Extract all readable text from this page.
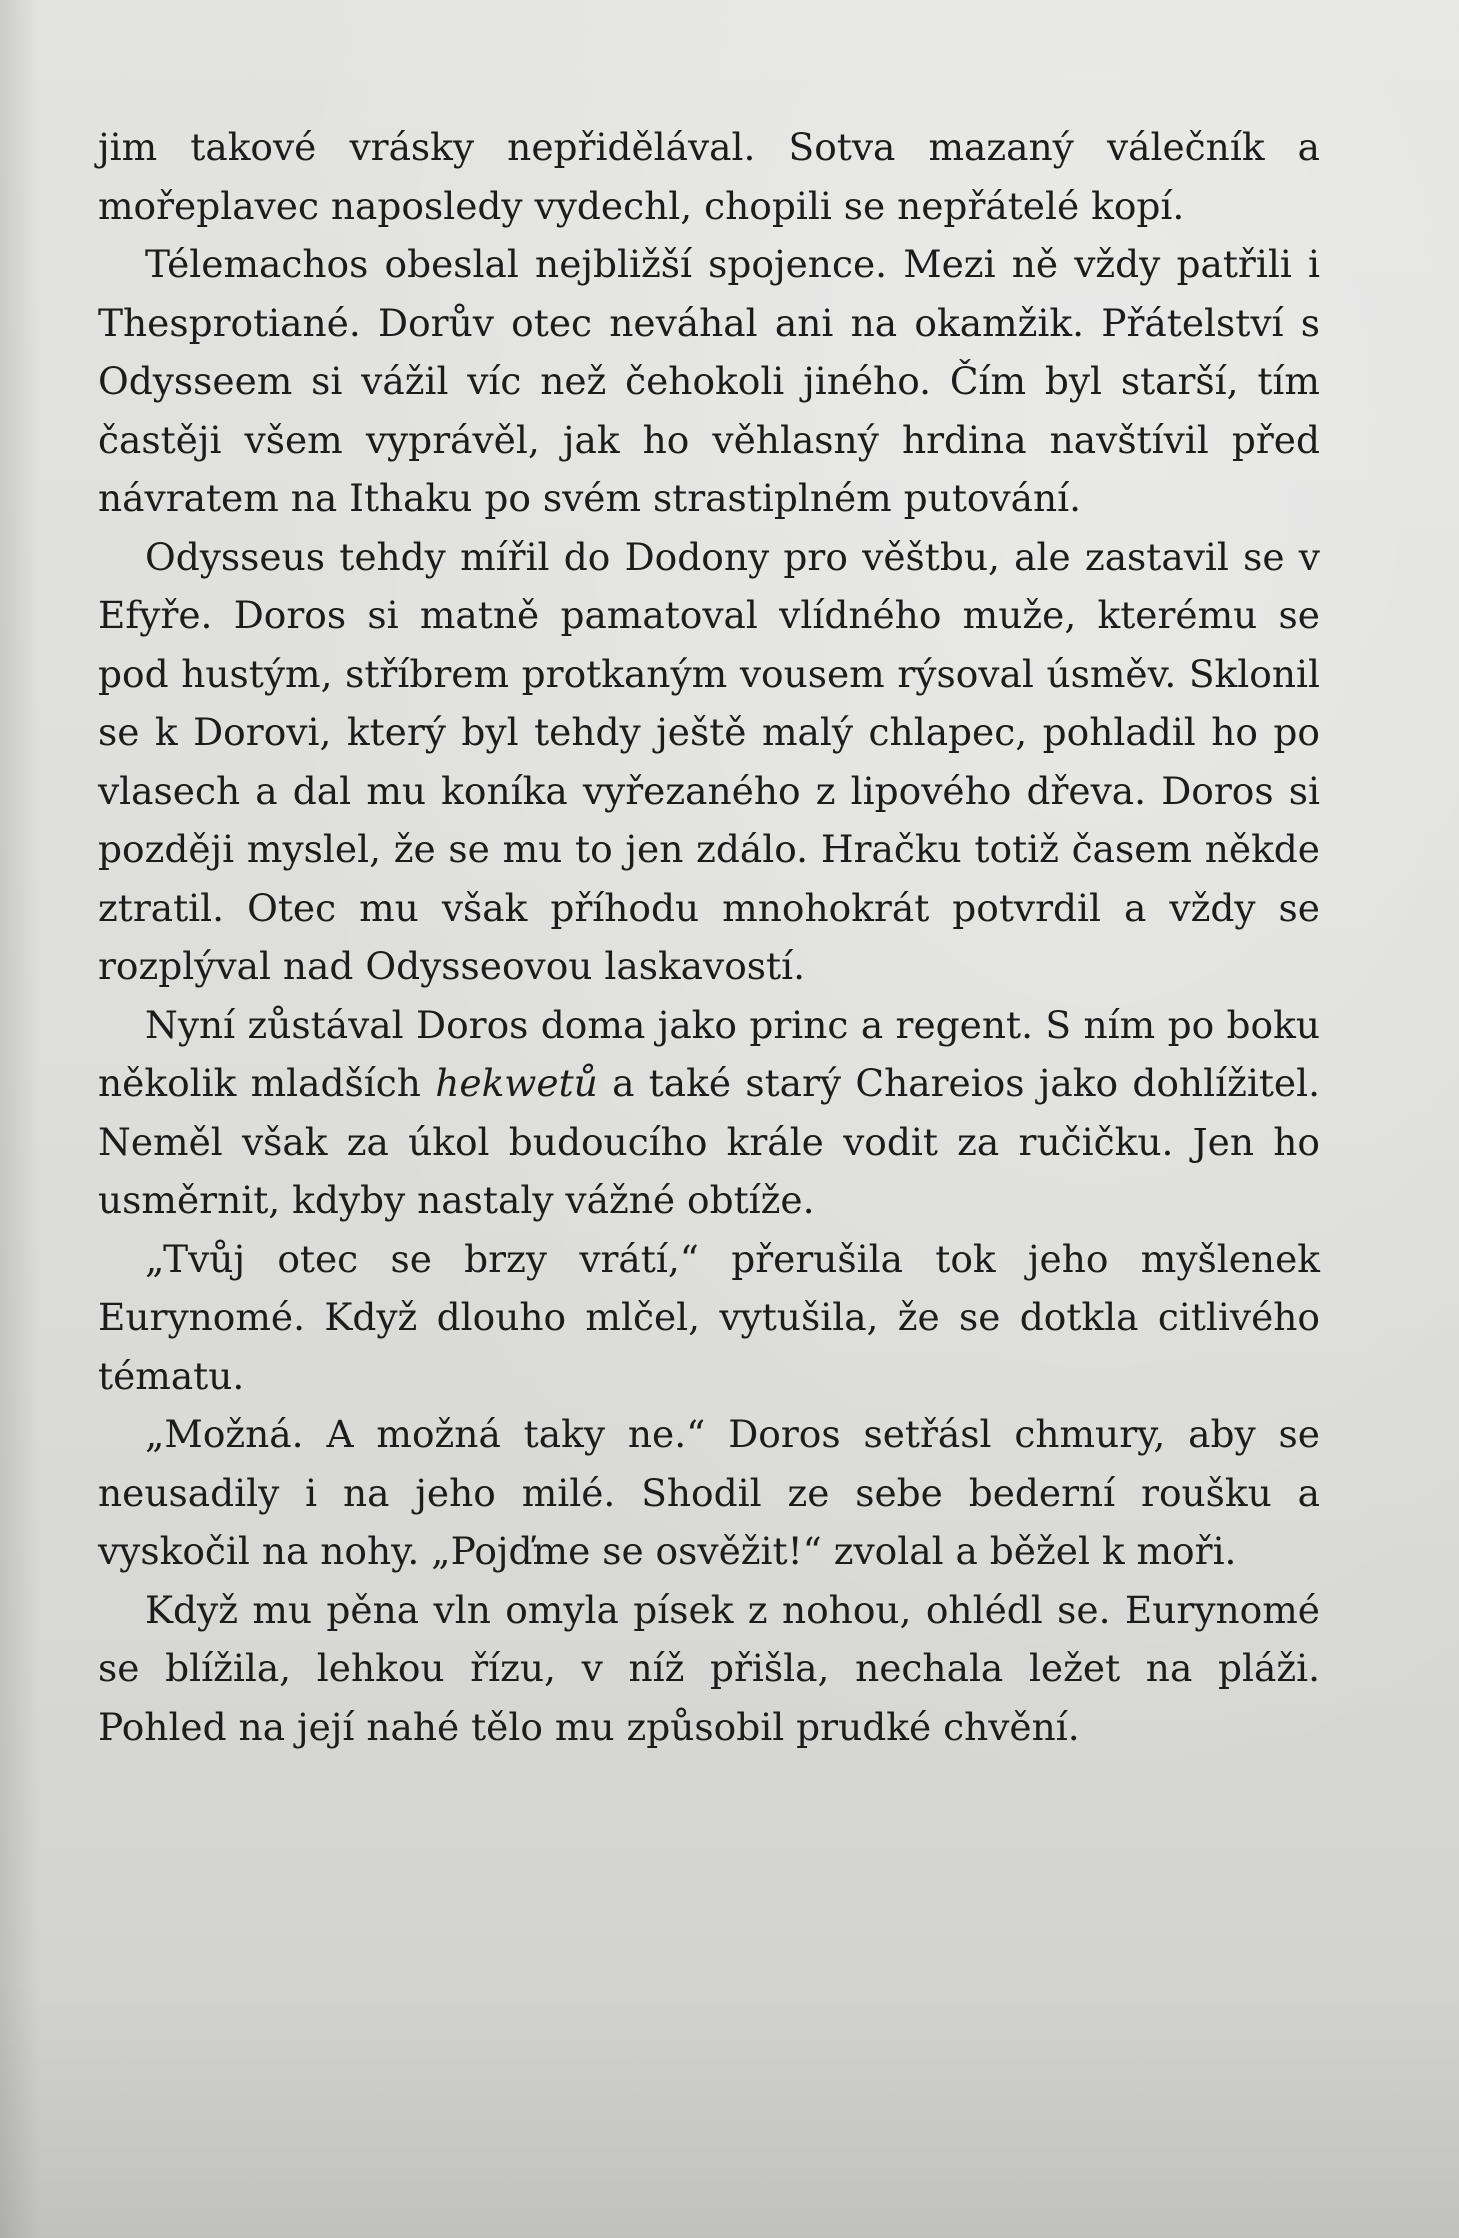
jim takové vrásky nepřidělával. Sotva mazaný válečník a mořeplavec naposledy vydechl, chopili se nepřátelé kopí.

Télemachos obeslal nejbližší spojence. Mezi ně vždy patřili i Thesprotiané. Dorův otec neváhal ani na okamžik. Přátelství s Odysseem si vážil víc než čehokoli jiného. Čím byl starší, tím častěji všem vyprávěl, jak ho věhlasný hrdina navštívil před návratem na Ithaku po svém strastiplném putování.

Odysseus tehdy mířil do Dodony pro věštbu, ale zastavil se v Efyře. Doros si matně pamatoval vlídného muže, kterému se pod hustým, stříbrem protkaným vousem rýsoval úsměv. Sklonil se k Dorovi, který byl tehdy ještě malý chlapec, pohladil ho po vlasech a dal mu koníka vyřezaného z lipového dřeva. Doros si později myslel, že se mu to jen zdálo. Hračku totiž časem někde ztratil. Otec mu však příhodu mnohokrát potvrdil a vždy se rozplýval nad Odysseovou laskavostí.

Nyní zůstával Doros doma jako princ a regent. S ním po boku několik mladších hekwetů a také starý Chareios jako dohlížitel. Neměl však za úkol budoucího krále vodit za ručičku. Jen ho usměrnit, kdyby nastaly vážné obtíže.

„Tvůj otec se brzy vrátí,“ přerušila tok jeho myšlenek Eurynomé. Když dlouho mlčel, vytušila, že se dotkla citlivého tématu.

„Možná. A možná taky ne.“ Doros setřásl chmury, aby se neusadily i na jeho milé. Shodil ze sebe bederní roušku a vyskočil na nohy. „Pojďme se osvěžit!“ zvolal a běžel k moři.

Když mu pěna vln omyla písek z nohou, ohlédl se. Eurynomé se blížila, lehkou řízu, v níž přišla, nechala ležet na pláži. Pohled na její nahé tělo mu způsobil prudké chvění.
